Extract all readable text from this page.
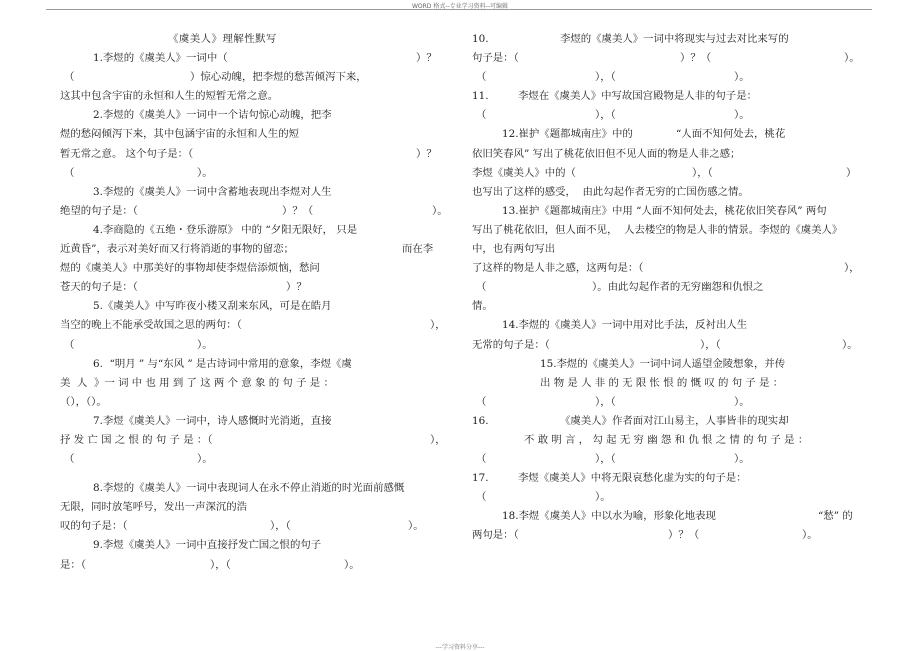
WORD 格式--专业学习资料--可编辑
《虞美人》理解性默写
1.李煜的《虞美人》一词中（	）？
（	）惊心动魄，把李煜的愁苦倾泻下来，
这其中包含宇宙的永恒和人生的短暂无常之意。
2.李煜的《虞美人》一词中一个诘句惊心动魄，把李
煜的愁闷倾泻下来，其中包涵宇宙的永恒和人生的短
暂无常之意。 这个句子是：（	）？
（	）。
3.李煜的《虞美人》一词中含蓄地表现出李煜对人生
绝望的句子是：（	）？（	）。
4.李商隐的《五绝・登乐游原》 中的 “夕阳无限好， 只是
近黄昏”，表示对美好而又行将消逝的事物的留恋；	而在李
煜的《虞美人》中那美好的事物却使李煜倍添烦恼，愁问
苍天的句子是：（	）？
5.《虞美人》中写昨夜小楼又刮来东风，可是在皓月
当空的晚上不能承受故国之思的两句：（	），
（	）。
6.  “明月 ” 与“东风 ” 是古诗词中常用的意象，李煜《虞
美  人  》一 词 中 也 用 到 了 这 两 个 意 象 的 句 子 是 ：
（），（）。
7.李煜《虞美人》一词中，诗人感慨时光消逝，直接
抒 发 亡 国 之 恨 的 句 子 是 ：（	），
（	）。
8.李煜的《虞美人》一词中表现词人在永不停止消逝的时光面前感慨
无限，同时放笔呼号，发出一声深沉的浩
叹的句子是：（	），（	）。
9.李煜《虞美人》一词中直接抒发亡国之恨的句子
是：（	），（	）。
10.	李煜的《虞美人》一词中将现实与过去对比来写的
句子是：（	）？（	）。
（	），（	）。
11.	李煜在《虞美人》中写故国宫殿物是人非的句子是：
（	），（	）。
12.崔护《题都城南庄》中的	“人面不知何处去，桃花
依旧笑春风” 写出了桃花依旧但不见人面的物是人非之感；
李煜《虞美人》中的（	），（	）
也写出了这样的感受，  由此勾起作者无穷的亡国伤感之情。
13.崔护《题都城南庄》中用 “人面不知何处去，桃花依旧笑春风” 两句
写出了桃花依旧，但人面不见，  人去楼空的物是人非的情景。李煜的《虞美人》
中，也有两句写出
了这样的物是人非之感，这两句是：（	），
（	）。由此勾起作者的无穷幽怨和仇恨之
情。
14.李煜的《虞美人》一词中用对比手法，反衬出人生
无常的句子是：（	），（	）。
15.李煜的《虞美人》一词中词人遥望金陵想象，并传
出 物 是 人 非 的 无 限 怅 恨 的 慨 叹 的 句 子 是 ：
（	），（	）。
16.	《虞美人》作者面对江山易主，人事皆非的现实却
不 敢 明 言 ， 勾 起 无 穷 幽 怨 和 仇 恨 之 情 的 句 子 是 ：
（	），（	）。
17.	李煜《虞美人》中将无限哀愁化虚为实的句子是：
（	）。
18.李煜《虞美人》中以水为喻，形象化地表现	“愁” 的
两句是：（	）？（	）。
---学习资料分享---
